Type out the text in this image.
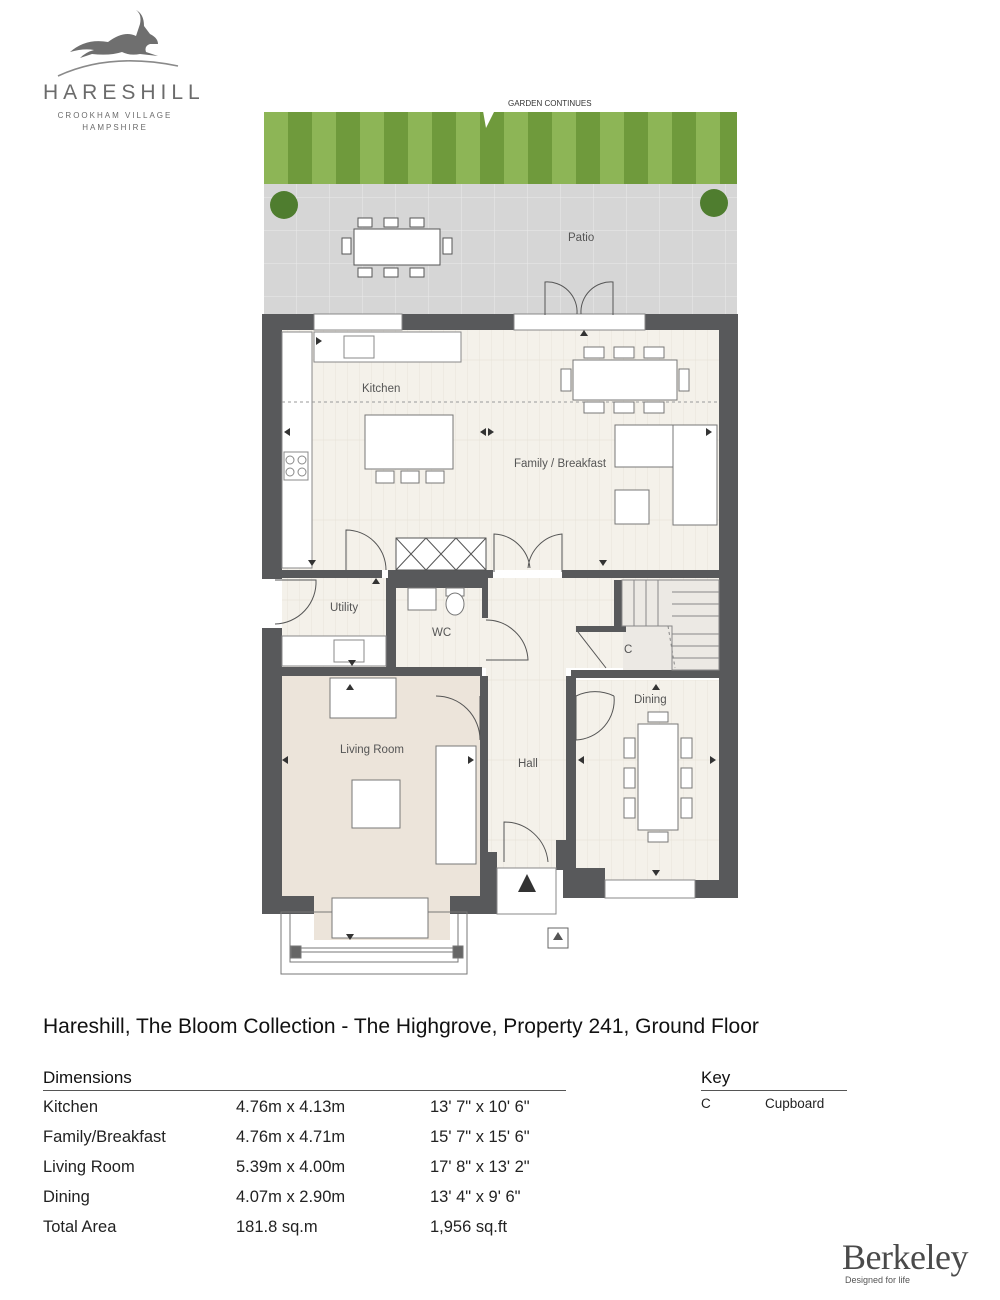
HARESHILL
CROOKHAM VILLAGE
HAMPSHIRE
GARDEN CONTINUES
Patio
Kitchen
Family / Breakfast
Utility
WC
C
Dining
Living Room
Hall
Hareshill, The Bloom Collection - The Highgrove, Property 241, Ground Floor
Dimensions
Kitchen	4.76m x 4.13m	13' 7" x 10' 6"
Family/Breakfast	4.76m x 4.71m	15' 7" x 15' 6"
Living Room	5.39m x 4.00m	17' 8" x 13' 2"
Dining	4.07m x 2.90m	13' 4" x 9' 6"
Total Area	181.8 sq.m	1,956 sq.ft
Key
C	Cupboard
Berkeley
Designed for life
